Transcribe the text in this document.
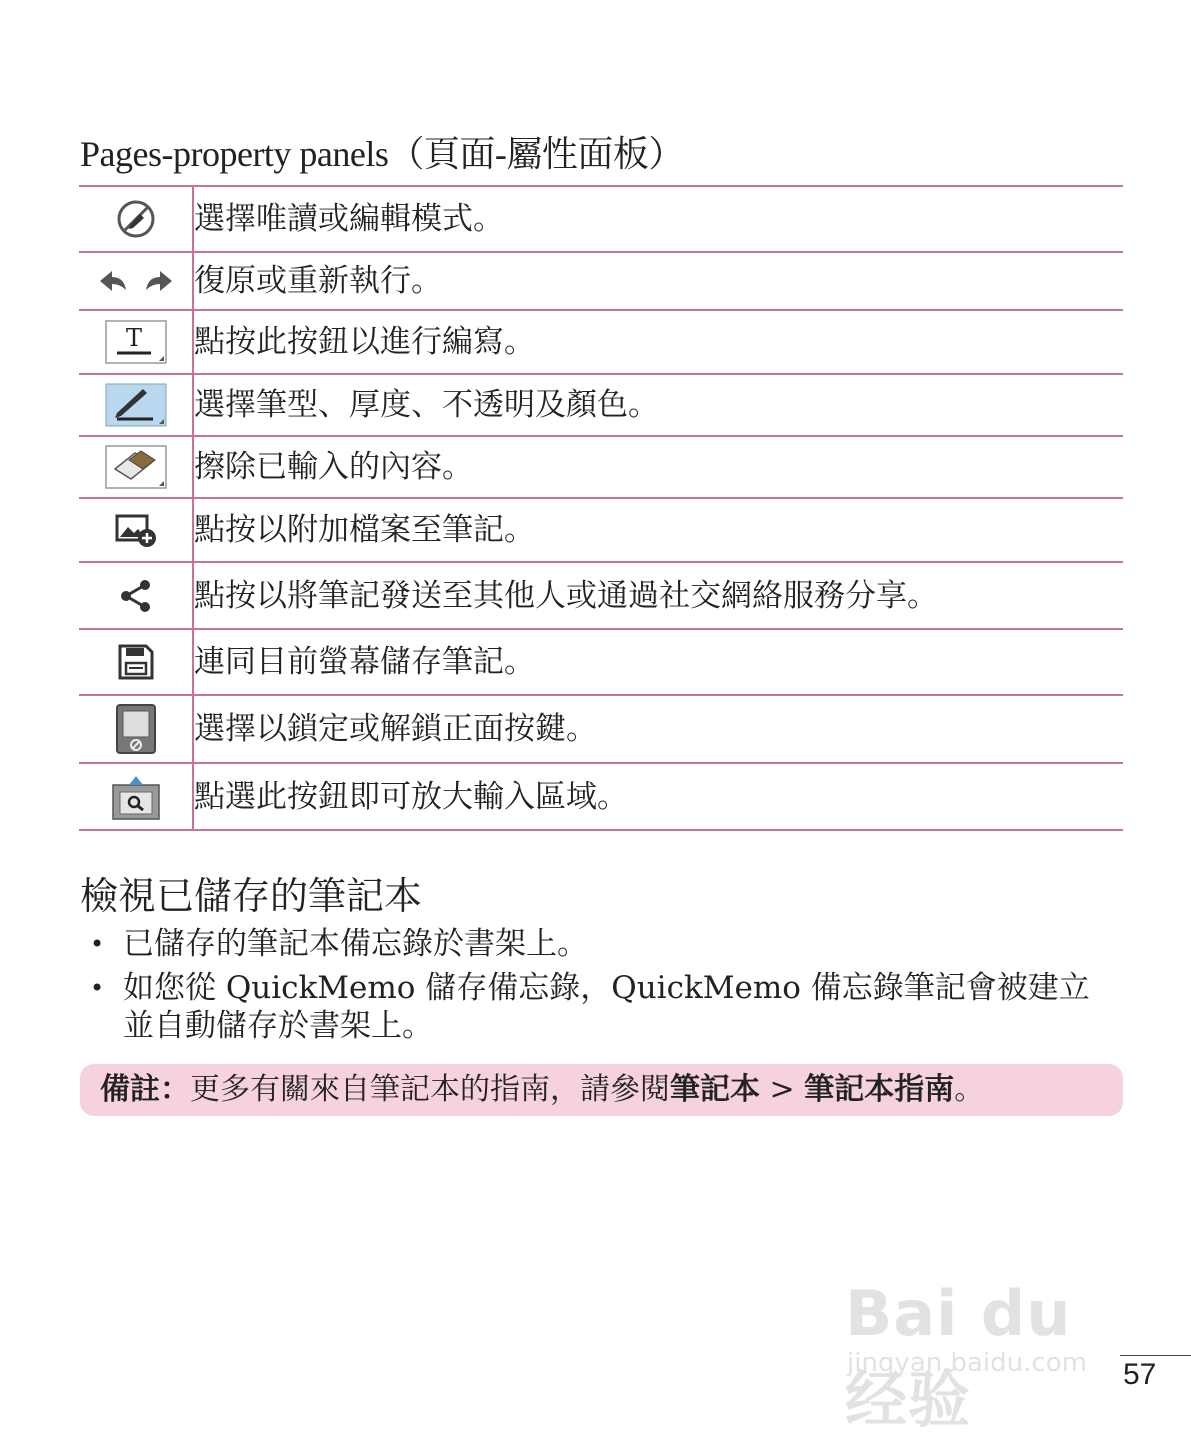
Pages-property panels（頁面-屬性面板）
	選擇唯讀或編輯模式。
	復原或重新執行。

T	點按此按鈕以進行編寫。
	選擇筆型、厚度、不透明及顏色。
	擦除已輸入的內容。
	點按以附加檔案至筆記。
	點按以將筆記發送至其他人或通過社交網絡服務分享。
	連同目前螢幕儲存筆記。
	選擇以鎖定或解鎖正面按鍵。
	點選此按鈕即可放大輸入區域。
檢視已儲存的筆記本
• 已儲存的筆記本備忘錄於書架上。
• 如您從 QuickMemo 儲存備忘錄，QuickMemo 備忘錄筆記會被建立並自動儲存於書架上。
備註：更多有關來自筆記本的指南，請參閱筆記本 > 筆記本指南。
Bai du 经验
jingyan.baidu.com 57
